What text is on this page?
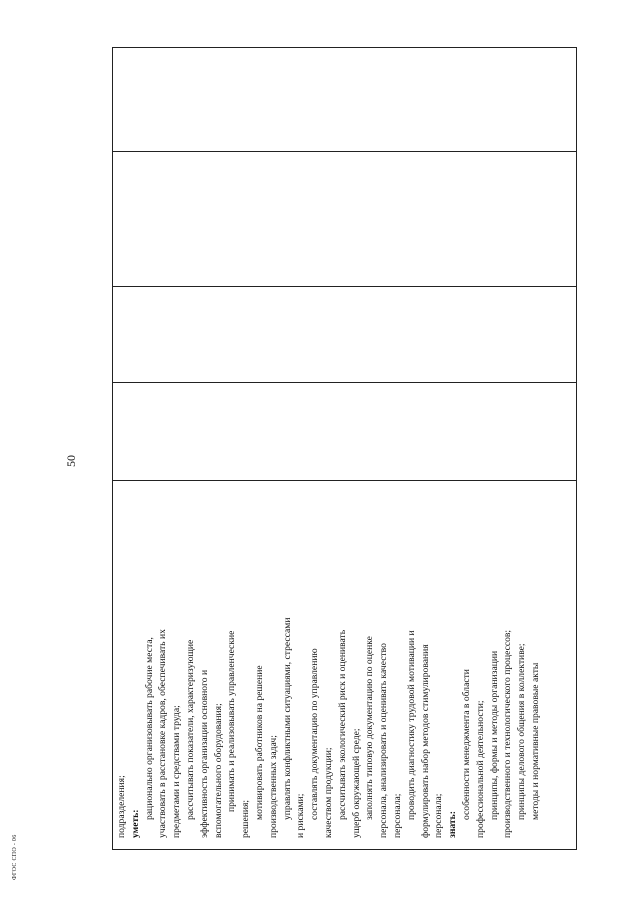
50
подразделения; уметь:
рационально организовывать рабочие места, участвовать в расстановке кадров, обеспечивать их предметами и средствами труда; рассчитывать показатели, характеризующие эффективность организации основного и вспомогательного оборудования; принимать и реализовывать управленческие
решения; мотивировать работников на решение производственных задач; управлять конфликтными ситуациями, стрессами и рисками; составлять документацию по управлению качеством продукции; рассчитывать экологический риск и оценивать ущерб окружающей среде; заполнять типовую документацию по оценке персонала, анализировать и оценивать качество персонала; проводить диагностику трудовой мотивации и формулировать набор методов стимулирования персонала; знать:
особенности менеджмента в области профессиональной деятельности; принципы, формы и методы организации производственного и технологического процессов; принципы делового общения в коллективе; методы и нормативные правовые акты
ФГОС СПО - 06
